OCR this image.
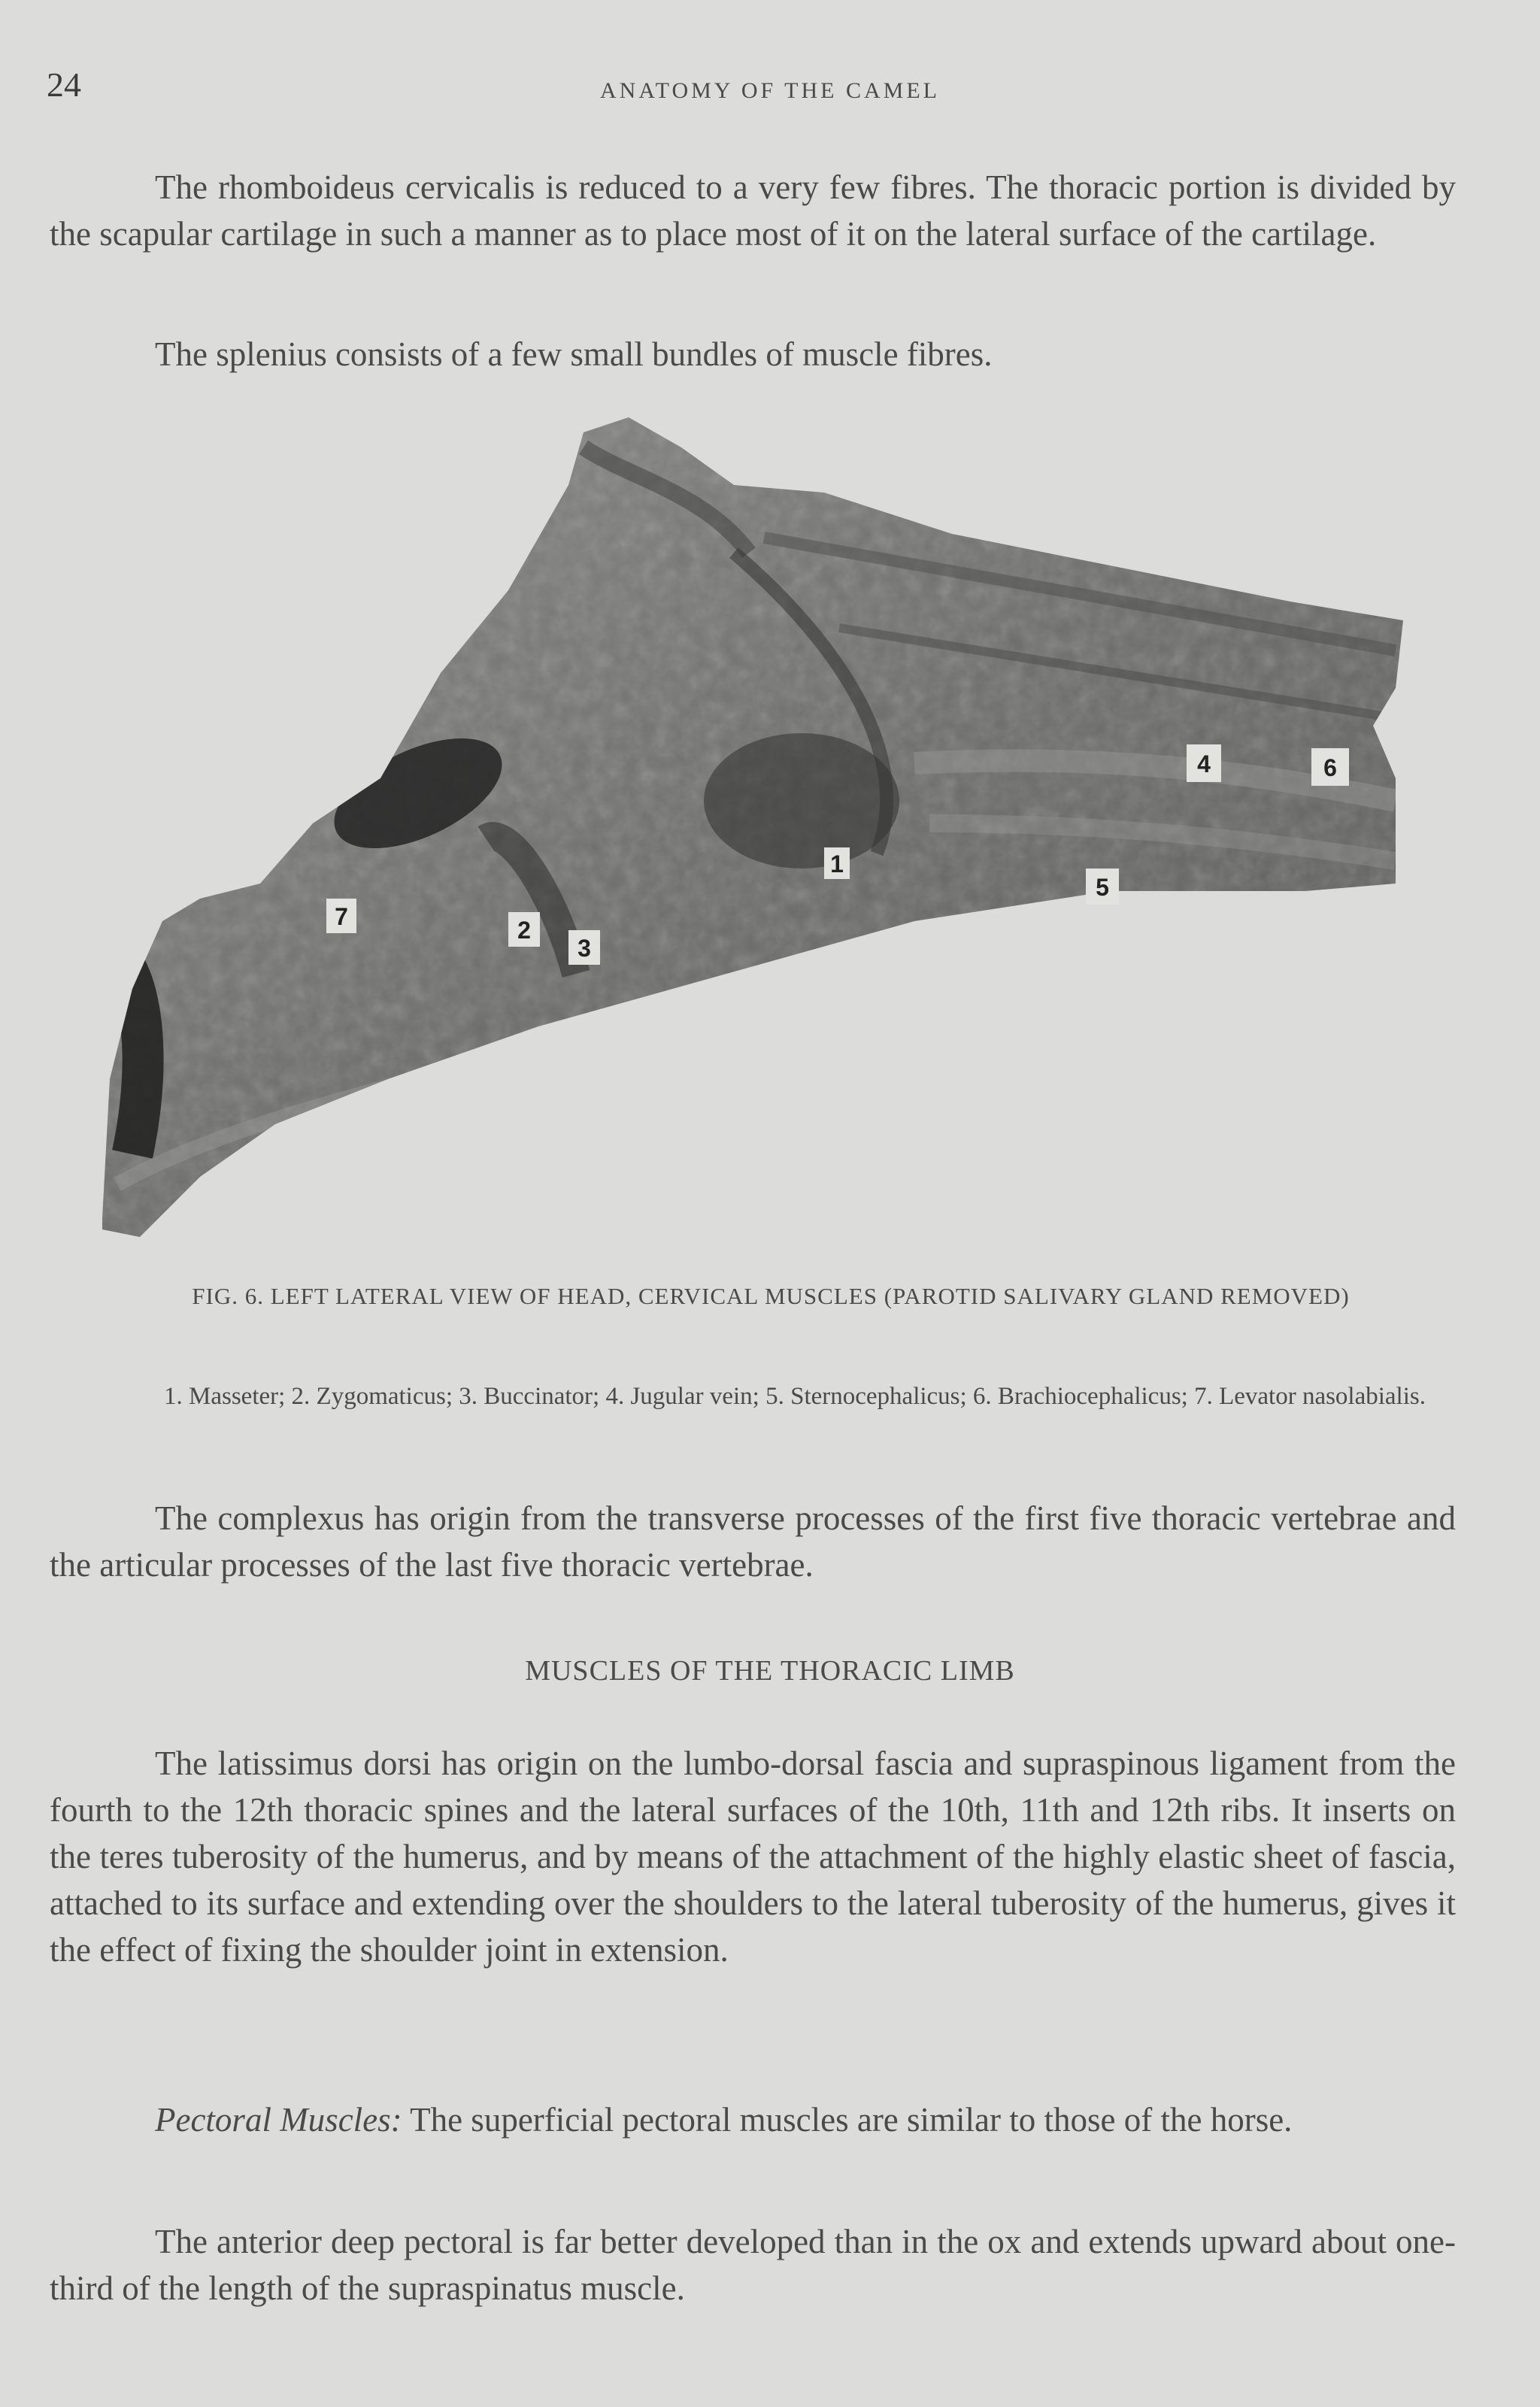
24	ANATOMY OF THE CAMEL
The rhomboideus cervicalis is reduced to a very few fibres. The thoracic portion is divided by the scapular cartilage in such a manner as to place most of it on the lateral surface of the cartilage.
The splenius consists of a few small bundles of muscle fibres.
7	2
3
1
5
4	6
FIG. 6. LEFT LATERAL VIEW OF HEAD, CERVICAL MUSCLES (PAROTID SALIVARY GLAND REMOVED)
1. Masseter; 2. Zygomaticus; 3. Buccinator; 4. Jugular vein; 5. Sternocephalicus; 6. Brachiocephalicus; 7. Levator nasolabialis.
The complexus has origin from the transverse processes of the first five thoracic vertebrae and the articular processes of the last five thoracic vertebrae.
MUSCLES OF THE THORACIC LIMB
The latissimus dorsi has origin on the lumbo-dorsal fascia and supraspinous ligament from the fourth to the 12th thoracic spines and the lateral surfaces of the 10th, 11th and 12th ribs. It inserts on the teres tuberosity of the humerus, and by means of the attachment of the highly elastic sheet of fascia, attached to its surface and extending over the shoulders to the lateral tuberosity of the humerus, gives it the effect of fixing the shoulder joint in extension.
Pectoral Muscles: The superficial pectoral muscles are similar to those of the horse.
The anterior deep pectoral is far better developed than in the ox and extends upward about one-third of the length of the supraspinatus muscle.
